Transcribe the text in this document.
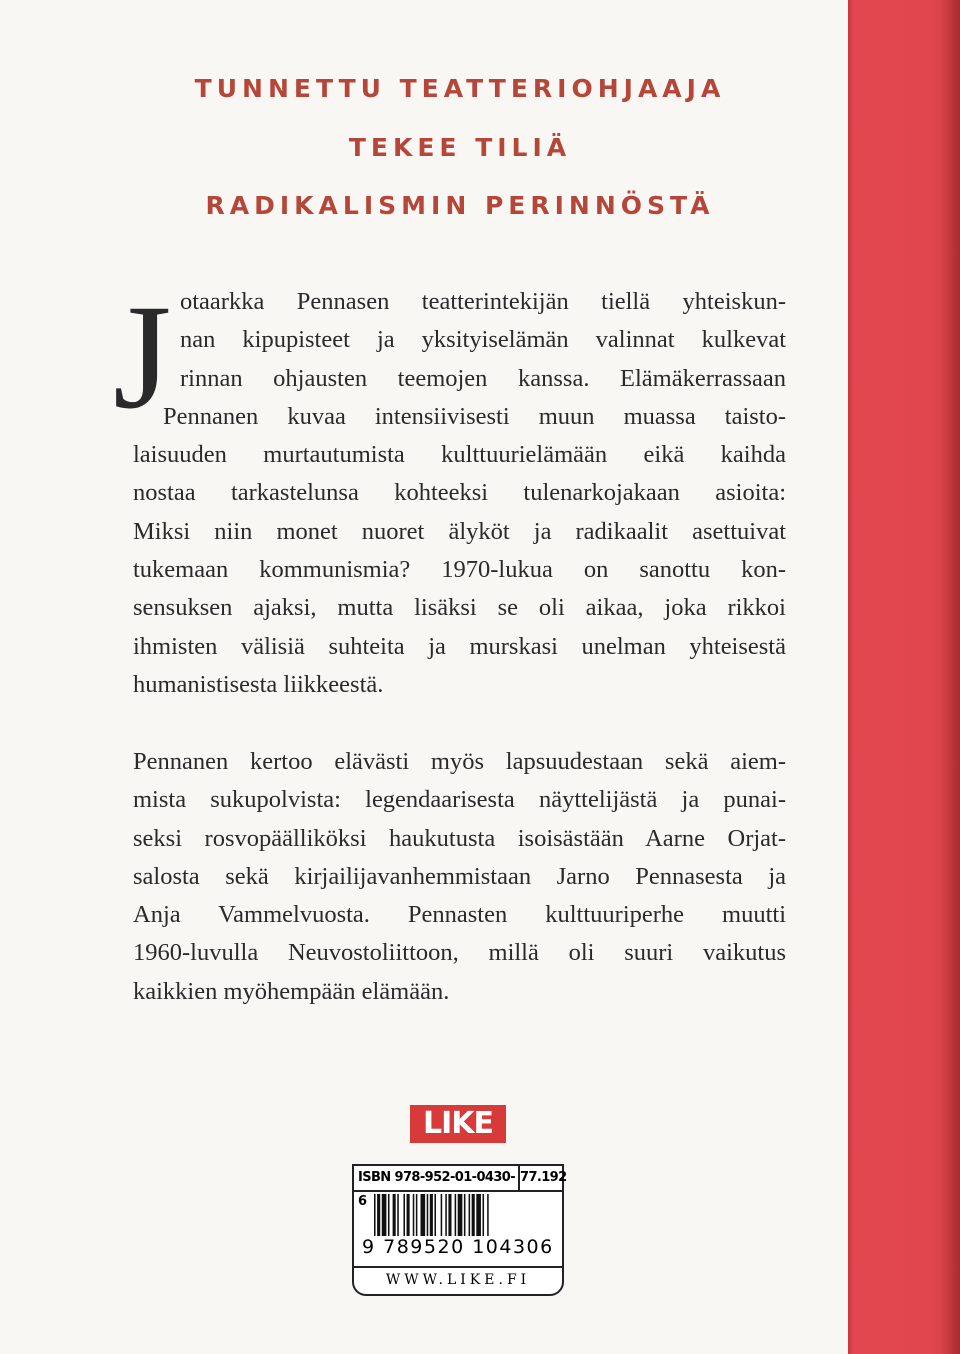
TUNNETTU TEATTERIOHJAAJA
TEKEE TILIÄ
RADIKALISMIN PERINNÖSTÄ
J otaarkka Pennasen teatterintekijän tiellä yhteiskun-
nan kipupisteet ja yksityiselämän valinnat kulkevat
rinnan ohjausten teemojen kanssa. Elämäkerrassaan
Pennanen kuvaa intensiivisesti muun muassa taisto-
laisuuden murtautumista kulttuurielämään eikä kaihda
nostaa tarkastelunsa kohteeksi tulenarkojakaan asioita:
Miksi niin monet nuoret älyköt ja radikaalit asettuivat
tukemaan kommunismia? 1970-lukua on sanottu kon-
sensuksen ajaksi, mutta lisäksi se oli aikaa, joka rikkoi
ihmisten välisiä suhteita ja murskasi unelman yhteisestä
humanistisesta liikkeestä.
Pennanen kertoo elävästi myös lapsuudestaan sekä aiem-
mista sukupolvista: legendaarisesta näyttelijästä ja punai-
seksi rosvopäälliköksi haukutusta isoisästään Aarne Orjat-
salosta sekä kirjailijavanhemmistaan Jarno Pennasesta ja
Anja Vammelvuosta. Pennasten kulttuuriperhe muutti
1960-luvulla Neuvostoliittoon, millä oli suuri vaikutus
kaikkien myöhempään elämään.
LIKE
ISBN 978-952-01-0430-6
77.192
9 789520 104306
WWW.LIKE.FI
